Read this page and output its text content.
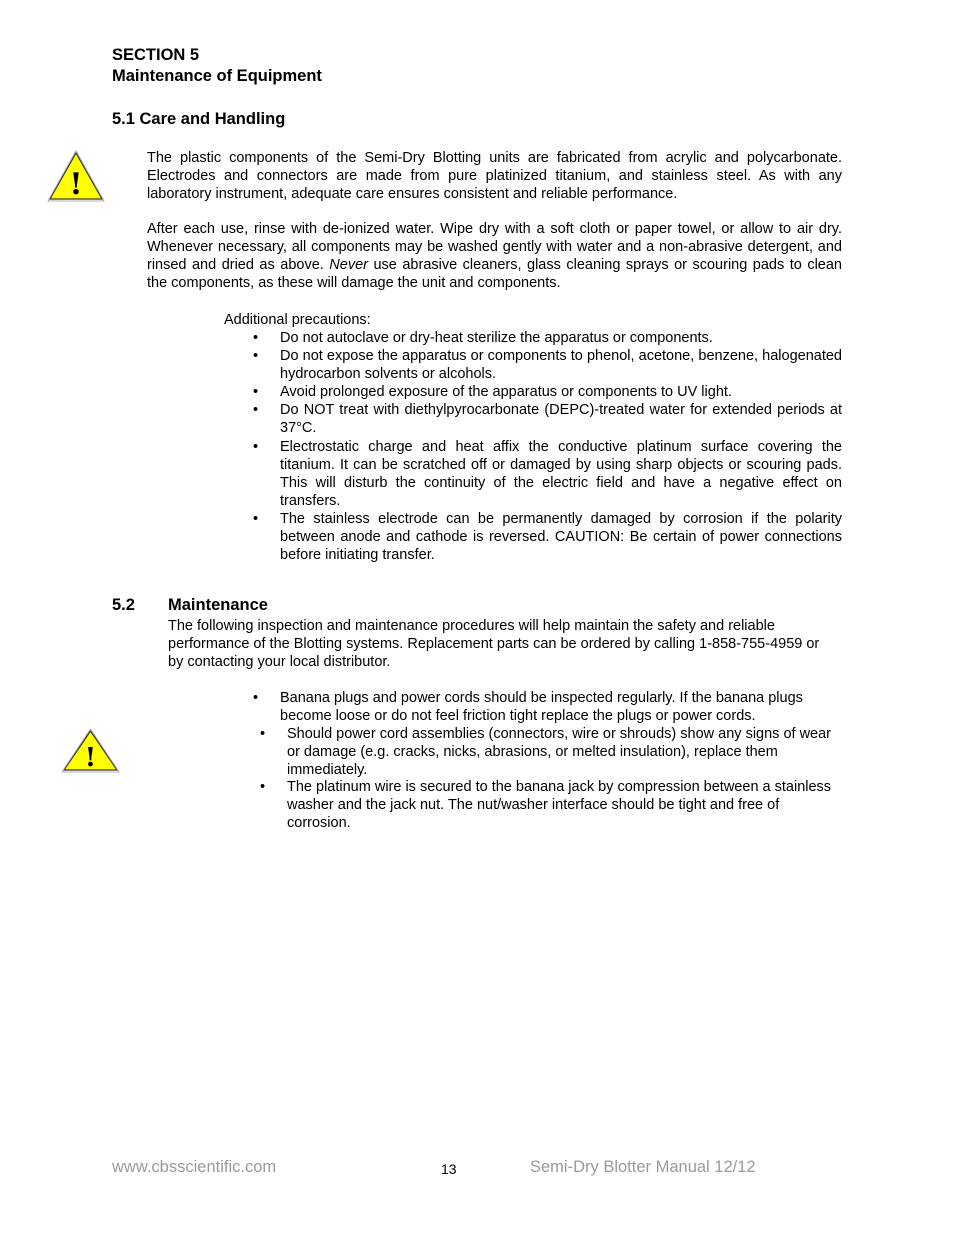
SECTION 5
Maintenance of Equipment
5.1 Care and Handling
!
The plastic components of the Semi-Dry Blotting units are fabricated from acrylic and polycarbonate. Electrodes and connectors are made from pure platinized titanium, and stainless steel. As with any laboratory instrument, adequate care ensures consistent and reliable performance.
After each use, rinse with de-ionized water. Wipe dry with a soft cloth or paper towel, or allow to air dry. Whenever necessary, all components may be washed gently with water and a non-abrasive detergent, and rinsed and dried as above. Never use abrasive cleaners, glass cleaning sprays or scouring pads to clean the components, as these will damage the unit and components.
Additional precautions:
• Do not autoclave or dry-heat sterilize the apparatus or components.
• Do not expose the apparatus or components to phenol, acetone, benzene, halogenated hydrocarbon solvents or alcohols.
• Avoid prolonged exposure of the apparatus or components to UV light.
• Do NOT treat with diethylpyrocarbonate (DEPC)-treated water for extended periods at 37°C.
• Electrostatic charge and heat affix the conductive platinum surface covering the titanium. It can be scratched off or damaged by using sharp objects or scouring pads. This will disturb the continuity of the electric field and have a negative effect on transfers.
• The stainless electrode can be permanently damaged by corrosion if the polarity between anode and cathode is reversed. CAUTION: Be certain of power connections before initiating transfer.
5.2 Maintenance
The following inspection and maintenance procedures will help maintain the safety and reliable performance of the Blotting systems. Replacement parts can be ordered by calling 1-858-755-4959 or by contacting your local distributor.
!
• Banana plugs and power cords should be inspected regularly. If the banana plugs become loose or do not feel friction tight replace the plugs or power cords.
• Should power cord assemblies (connectors, wire or shrouds) show any signs of wear or damage (e.g. cracks, nicks, abrasions, or melted insulation), replace them immediately.
• The platinum wire is secured to the banana jack by compression between a stainless washer and the jack nut. The nut/washer interface should be tight and free of corrosion.
www.cbsscientific.com	13	Semi-Dry Blotter Manual 12/12
